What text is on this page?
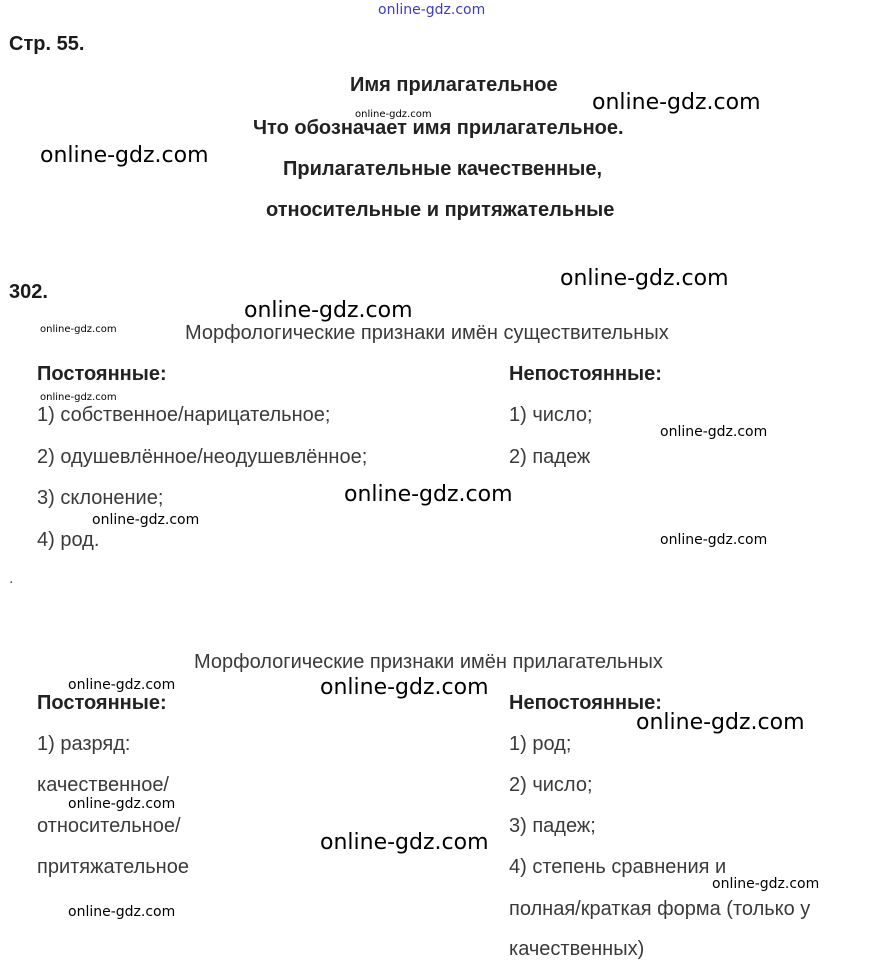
Стр. 55.
Имя прилагательное
Что обозначает имя прилагательное.
Прилагательные качественные,
относительные и притяжательные
302.
Морфологические признаки имён существительных
Постоянные:	Непостоянные:
1) собственное/нарицательное;
2) одушевлённое/неодушевлённое;
3) склонение;
4) род.
1) число;
2) падеж
.
Морфологические признаки имён прилагательных
Постоянные:	Непостоянные:
1) разряд:
качественное/
относительное/
притяжательное
1) род;
2) число;
3) падеж;
4) степень сравнения и
полная/краткая форма (только у
качественных)
online-gdz.com
online-gdz.com
online-gdz.com
online-gdz.com
online-gdz.com
online-gdz.com
online-gdz.com
online-gdz.com
online-gdz.com
online-gdz.com
online-gdz.com
online-gdz.com
online-gdz.com	online-gdz.com
online-gdz.com
online-gdz.com
online-gdz.com
online-gdz.com
online-gdz.com
